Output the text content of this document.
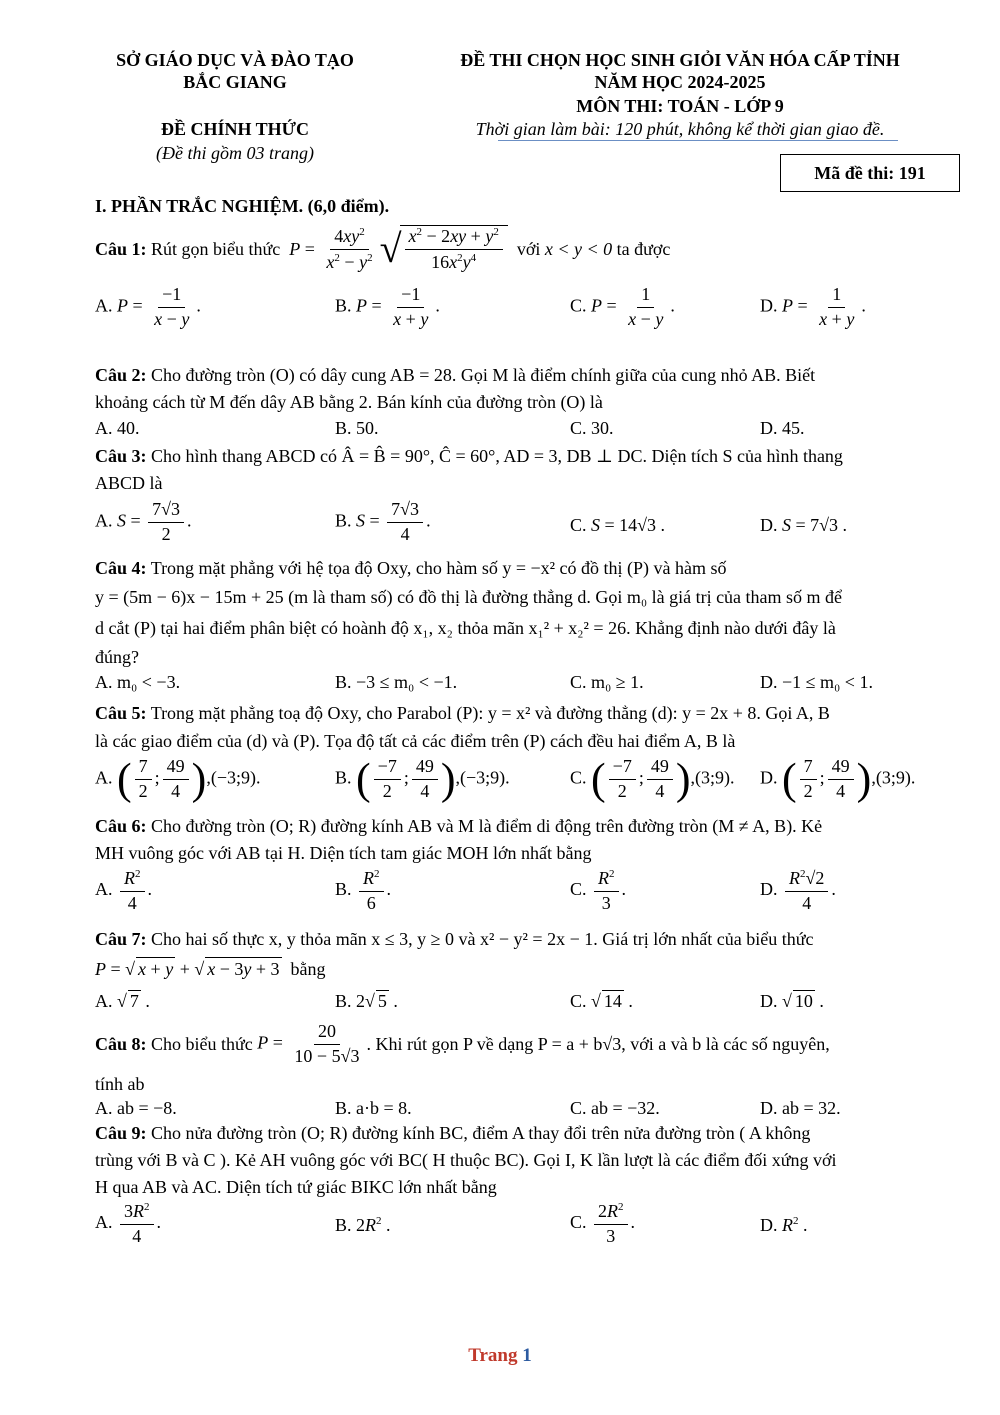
SỞ GIÁO DỤC VÀ ĐÀO TẠO
BẮC GIANG
ĐỀ CHÍNH THỨC
(Đề thi gồm 03 trang)
ĐỀ THI CHỌN HỌC SINH GIỎI VĂN HÓA CẤP TỈNH
NĂM HỌC 2024-2025
MÔN THI: TOÁN - LỚP 9
Thời gian làm bài: 120 phút, không kể thời gian giao đề.
Mã đề thi: 191
I. PHẦN TRẮC NGHIỆM. (6,0 điểm).
Câu 1:
Rút gọn biểu thức
$P = \frac{4xy^2}{x^2 - y^2}$ √ $\frac{x^2 - 2xy + y^2}{16x^2y^4}$
với
x < y < 0
ta được
A. $P = \frac{-1}{x - y}$ .	B. $P = \frac{-1}{x + y}$ .	C. $P = \frac{1}{x - y}$ .	D. $P = \frac{1}{x + y}$ .
Câu 2: Cho đường tròn (O) có dây cung AB = 28. Gọi M là điểm chính giữa của cung nhỏ AB. Biết
khoảng cách từ M đến dây AB bằng 2. Bán kính của đường tròn (O) là
A. 40.	B. 50.	C. 30.	D. 45.
Câu 3: Cho hình thang ABCD có Â = B̂ = 90°, Ĉ = 60°, AD = 3, DB ⊥ DC. Diện tích S của hình thang
ABCD là
A. $S = \frac{7√3}{2}$ .	B. $S = \frac{7√3}{4}$ .	C. S = 14√3 .	D. S = 7√3 .
Câu 4: Trong mặt phẳng với hệ tọa độ Oxy, cho hàm số y = −x² có đồ thị (P) và hàm số
y = (5m − 6)x − 15m + 25 (m là tham số) có đồ thị là đường thẳng d. Gọi m₀ là giá trị của tham số m để
d cắt (P) tại hai điểm phân biệt có hoành độ x₁, x₂ thỏa mãn x₁² + x₂² = 26. Khẳng định nào dưới đây là
đúng?
A. m₀ < −3.	B. −3 ≤ m₀ < −1.	C. m₀ ≥ 1.	D. −1 ≤ m₀ < 1.
Câu 5: Trong mặt phẳng toạ độ Oxy, cho Parabol (P): y = x² và đường thẳng (d): y = 2x + 8. Gọi A, B
là các giao điểm của (d) và (P). Tọa độ tất cả các điểm trên (P) cách đều hai điểm A, B là
A. ( $\frac{7}{2}$ ; $\frac{49}{4}$ ),(−3;9).	B. ( $\frac{-7}{2}$ ; $\frac{49}{4}$ ),(−3;9).	C. ( $\frac{-7}{2}$ ; $\frac{49}{4}$ ),(3;9). D. ( $\frac{7}{2}$ ; $\frac{49}{4}$ ),(3;9).
Câu 6: Cho đường tròn (O; R) đường kính AB và M là điểm di động trên đường tròn (M ≠ A, B). Kẻ
MH vuông góc với AB tại H. Diện tích tam giác MOH lớn nhất bằng
A. $\frac{R^2}{4}$ .	B. $\frac{R^2}{6}$ .	C. $\frac{R^2}{3}$ .	D. $\frac{R^2√2}{4}$ .
Câu 7: Cho hai số thực x, y thỏa mãn x ≤ 3, y ≥ 0 và x² − y² = 2x − 1. Giá trị lớn nhất của biểu thức
P = √ x + y + √ x − 3y + 3 bằng
A. √ 7 .	B. 2√ 5 .	C. √ 14 .	D. √ 10 .
Câu 8:
Cho biểu thức
$P = \frac{20}{10 - 5√3}$ . Khi rút gọn P về dạng P = a + b√3, với a và b là các số nguyên,
tính ab
A. ab = −8.	B. a·b = 8.	C. ab = −32.	D. ab = 32.
Câu 9: Cho nửa đường tròn (O; R) đường kính BC, điểm A thay đổi trên nửa đường tròn ( A không
trùng với B và C ). Kẻ AH vuông góc với BC( H thuộc BC). Gọi I, K lần lượt là các điểm đối xứng với
H qua AB và AC. Diện tích tứ giác BIKC lớn nhất bằng
A. $\frac{3R^2}{4}$ .	B. $2R^2$ .	C. $\frac{2R^2}{3}$ .	D. $R^2$ .
Trang 1
